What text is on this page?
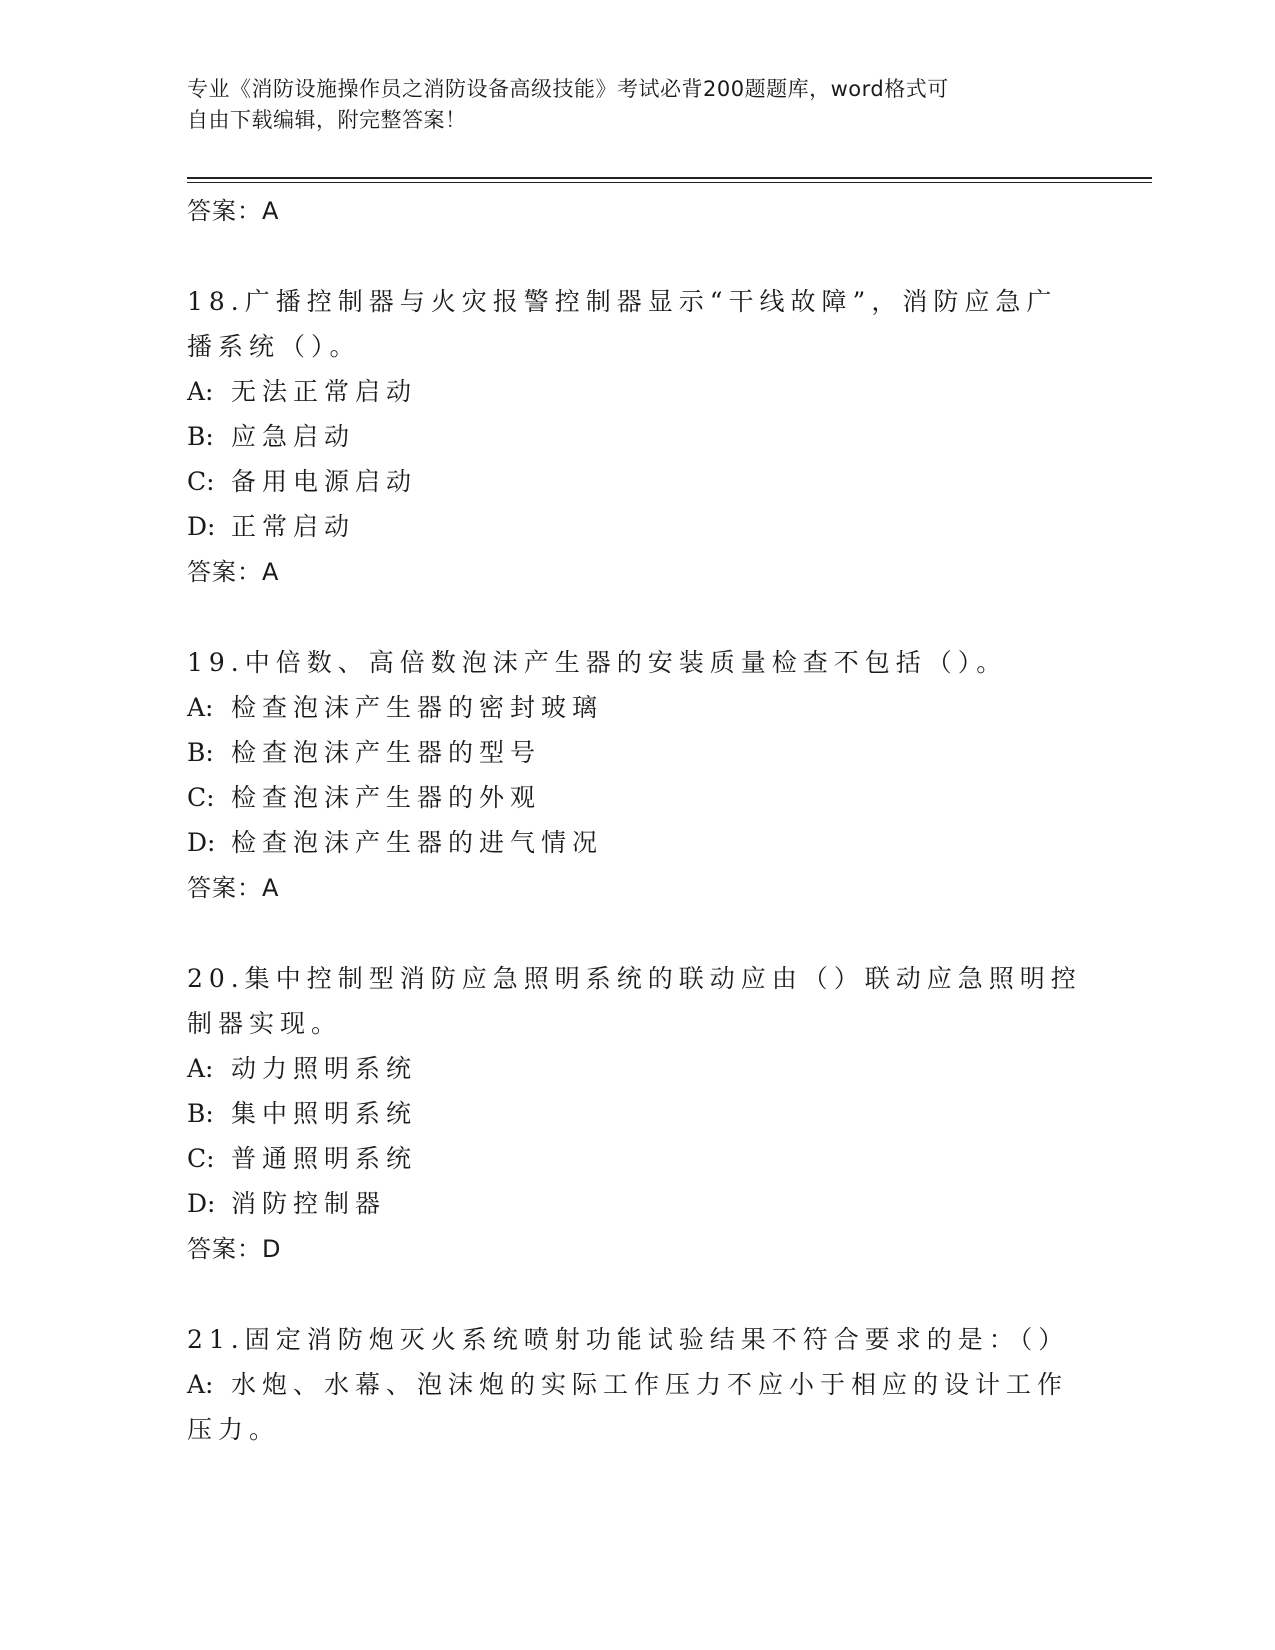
专业《消防设施操作员之消防设备高级技能》考试必背200题题库，word格式可
自由下载编辑，附完整答案！
答案：A
18.广播控制器与火灾报警控制器显示“干线故障”，消防应急广播系统（）。
A: 无法正常启动
B: 应急启动
C: 备用电源启动
D: 正常启动
答案：A
19.中倍数、高倍数泡沫产生器的安装质量检查不包括（）。
A: 检查泡沫产生器的密封玻璃
B: 检查泡沫产生器的型号
C: 检查泡沫产生器的外观
D: 检查泡沫产生器的进气情况
答案：A
20.集中控制型消防应急照明系统的联动应由（）联动应急照明控制器实现。
A: 动力照明系统
B: 集中照明系统
C: 普通照明系统
D: 消防控制器
答案：D
21.固定消防炮灭火系统喷射功能试验结果不符合要求的是：（）
A: 水炮、水幕、泡沫炮的实际工作压力不应小于相应的设计工作压力。
